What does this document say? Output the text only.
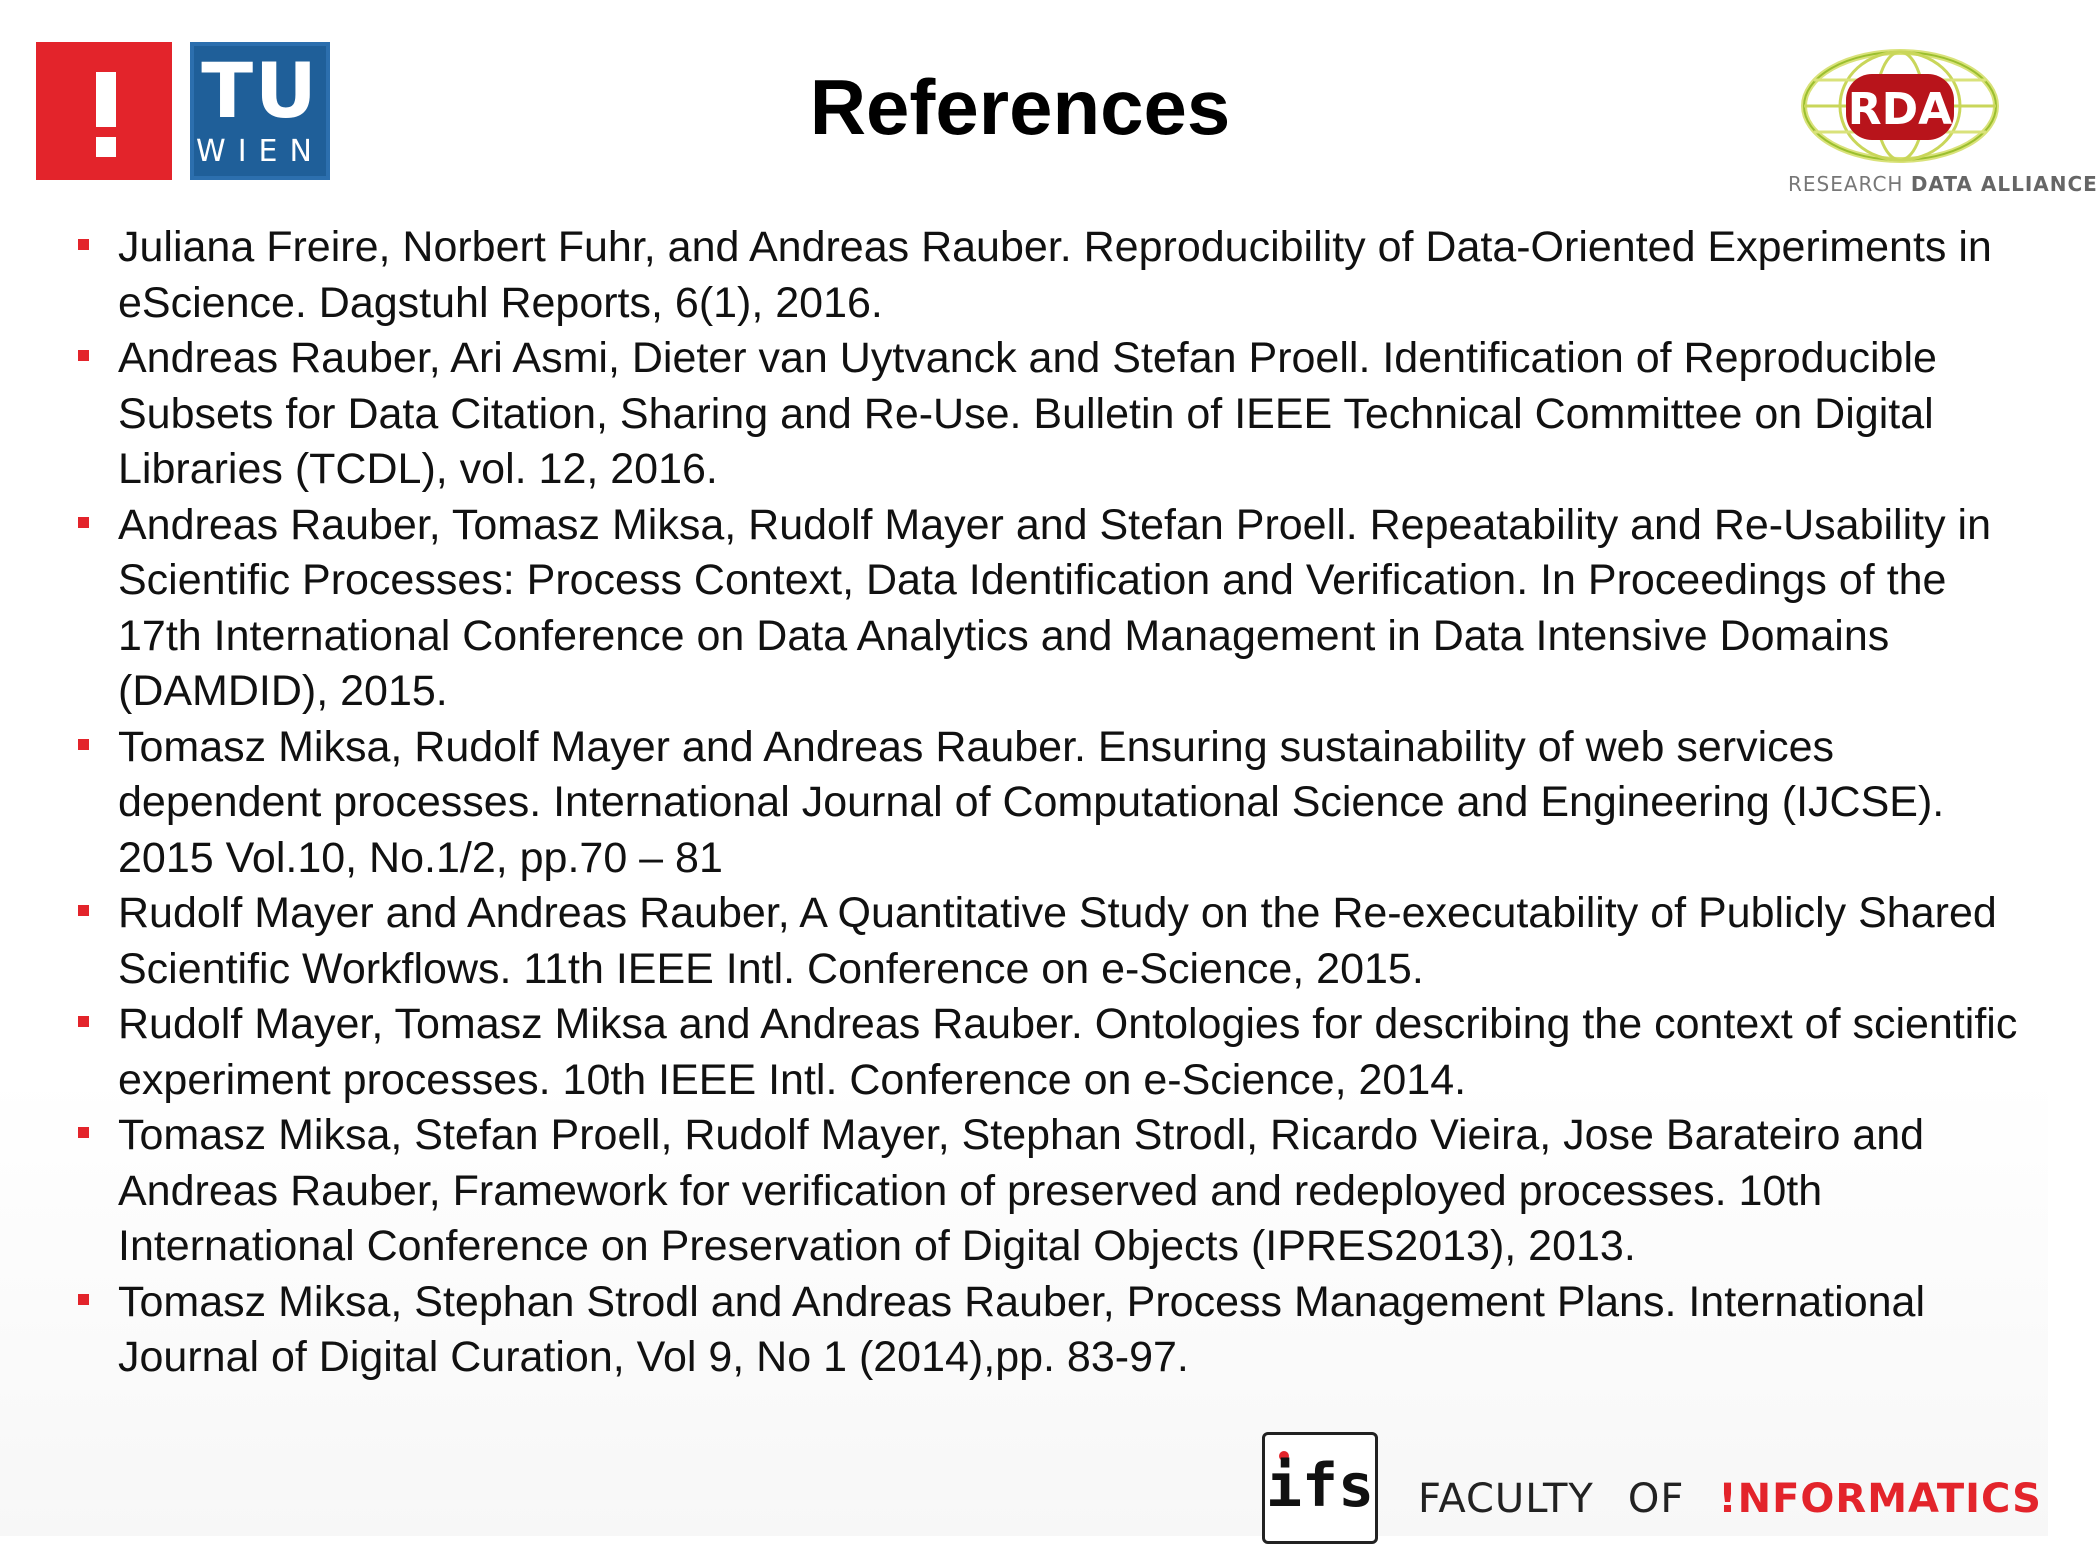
TU
WIEN
References	RDA
RESEARCH DATA ALLIANCE
Juliana Freire, Norbert Fuhr, and Andreas Rauber. Reproducibility of Data-Oriented Experiments in eScience. Dagstuhl Reports, 6(1), 2016.
Andreas Rauber, Ari Asmi, Dieter van Uytvanck and Stefan Proell. Identification of Reproducible Subsets for Data Citation, Sharing and Re-Use. Bulletin of IEEE Technical Committee on Digital Libraries (TCDL), vol. 12, 2016.
Andreas Rauber, Tomasz Miksa, Rudolf Mayer and Stefan Proell. Repeatability and Re-Usability in Scientific Processes: Process Context, Data Identification and Verification. In Proceedings of the 17th International Conference on Data Analytics and Management in Data Intensive Domains (DAMDID), 2015.
Tomasz Miksa, Rudolf Mayer and Andreas Rauber. Ensuring sustainability of web services dependent processes. International Journal of Computational Science and Engineering (IJCSE). 2015 Vol.10, No.1/2, pp.70 – 81
Rudolf Mayer and Andreas Rauber, A Quantitative Study on the Re-executability of Publicly Shared Scientific Workflows. 11th IEEE Intl. Conference on e-Science, 2015.
Rudolf Mayer, Tomasz Miksa and Andreas Rauber. Ontologies for describing the context of scientific experiment processes. 10th IEEE Intl. Conference on e-Science, 2014.
Tomasz Miksa, Stefan Proell, Rudolf Mayer, Stephan Strodl, Ricardo Vieira, Jose Barateiro and Andreas Rauber, Framework for verification of preserved and redeployed processes. 10th International Conference on Preservation of Digital Objects (IPRES2013), 2013.
Tomasz Miksa, Stephan Strodl and Andreas Rauber, Process Management Plans. International Journal of Digital Curation, Vol 9, No 1 (2014),pp. 83-97.
ifs FACULTY OF !NFORMATICS
